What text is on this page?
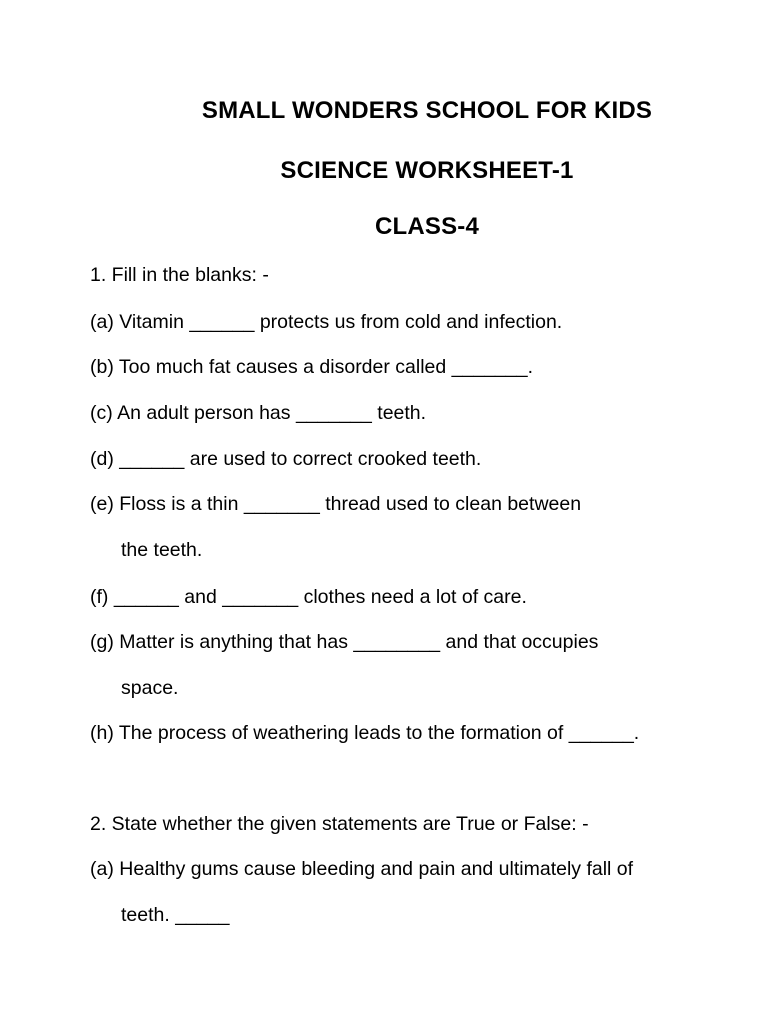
SMALL WONDERS SCHOOL FOR KIDS
SCIENCE WORKSHEET-1
CLASS-4
1. Fill in the blanks: -
(a) Vitamin ______ protects us from cold and infection.
(b) Too much fat causes a disorder called _______.
(c) An adult person has _______ teeth.
(d) ______ are used to correct crooked teeth.
(e) Floss is a thin _______ thread used to clean between
the teeth.
(f) ______ and _______ clothes need a lot of care.
(g) Matter is anything that has ________ and that occupies
space.
(h) The process of weathering leads to the formation of ______.
2. State whether the given statements are True or False: -
(a) Healthy gums cause bleeding and pain and ultimately fall of
teeth. _____
